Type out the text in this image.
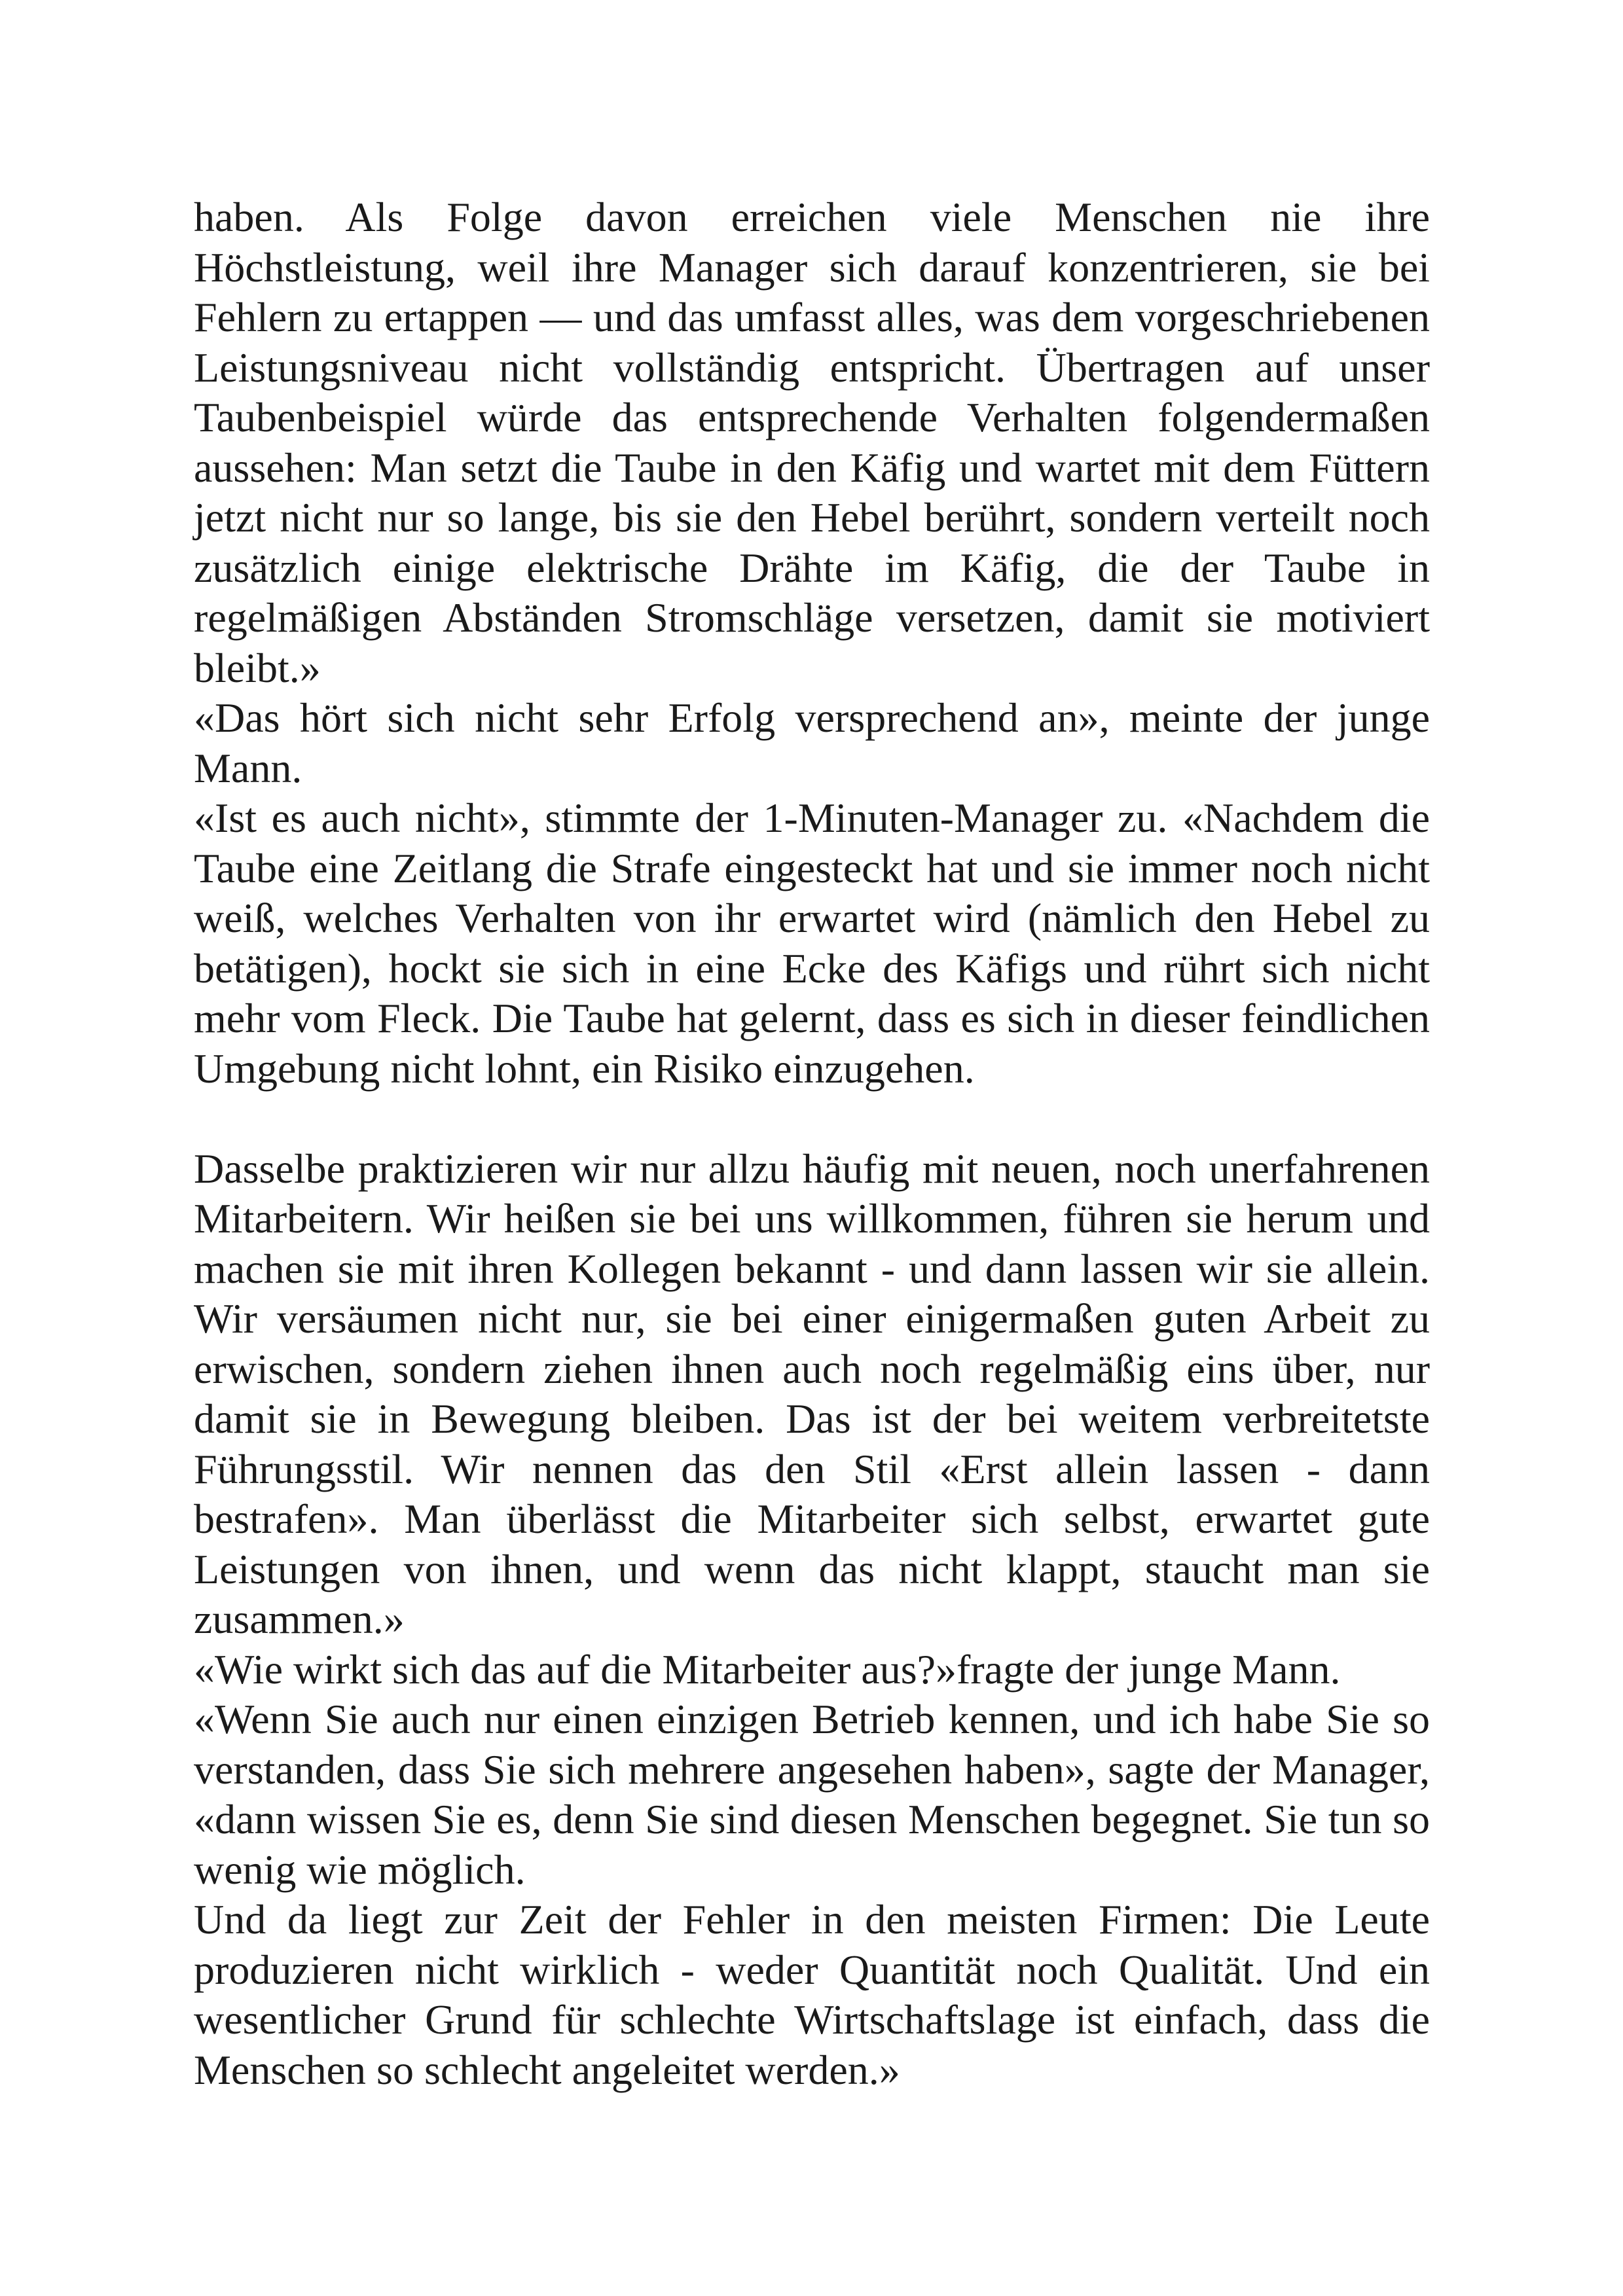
haben. Als Folge davon erreichen viele Menschen nie ihre Höchstleistung, weil ihre Manager sich darauf konzentrieren, sie bei Fehlern zu ertappen — und das umfasst alles, was dem vorgeschriebenen Leistungsniveau nicht vollständig entspricht. Übertragen auf unser Taubenbeispiel würde das entsprechende Verhalten folgendermaßen aussehen: Man setzt die Taube in den Käfig und wartet mit dem Füttern jetzt nicht nur so lange, bis sie den Hebel berührt, sondern verteilt noch zusätzlich einige elektrische Drähte im Käfig, die der Taube in regelmäßigen Abständen Stromschläge versetzen, damit sie motiviert bleibt.»

«Das hört sich nicht sehr Erfolg versprechend an», meinte der junge Mann.

«Ist es auch nicht», stimmte der 1-Minuten-Manager zu. «Nachdem die Taube eine Zeitlang die Strafe eingesteckt hat und sie immer noch nicht weiß, welches Verhalten von ihr erwartet wird (nämlich den Hebel zu betätigen), hockt sie sich in eine Ecke des Käfigs und rührt sich nicht mehr vom Fleck. Die Taube hat gelernt, dass es sich in dieser feindlichen Umgebung nicht lohnt, ein Risiko einzugehen.

Dasselbe praktizieren wir nur allzu häufig mit neuen, noch unerfahrenen Mitarbeitern. Wir heißen sie bei uns willkommen, führen sie herum und machen sie mit ihren Kollegen bekannt - und dann lassen wir sie allein. Wir versäumen nicht nur, sie bei einer einigermaßen guten Arbeit zu erwischen, sondern ziehen ihnen auch noch regelmäßig eins über, nur damit sie in Bewegung bleiben. Das ist der bei weitem verbreitetste Führungsstil. Wir nennen das den Stil «Erst allein lassen - dann bestrafen». Man überlässt die Mitarbeiter sich selbst, erwartet gute Leistungen von ihnen, und wenn das nicht klappt, staucht man sie zusammen.»

«Wie wirkt sich das auf die Mitarbeiter aus?»fragte der junge Mann.

«Wenn Sie auch nur einen einzigen Betrieb kennen, und ich habe Sie so verstanden, dass Sie sich mehrere angesehen haben», sagte der Manager, «dann wissen Sie es, denn Sie sind diesen Menschen begegnet. Sie tun so wenig wie möglich.

Und da liegt zur Zeit der Fehler in den meisten Firmen: Die Leute produzieren nicht wirklich - weder Quantität noch Qualität. Und ein wesentlicher Grund für schlechte Wirtschaftslage ist einfach, dass die Menschen so schlecht angeleitet werden.»
